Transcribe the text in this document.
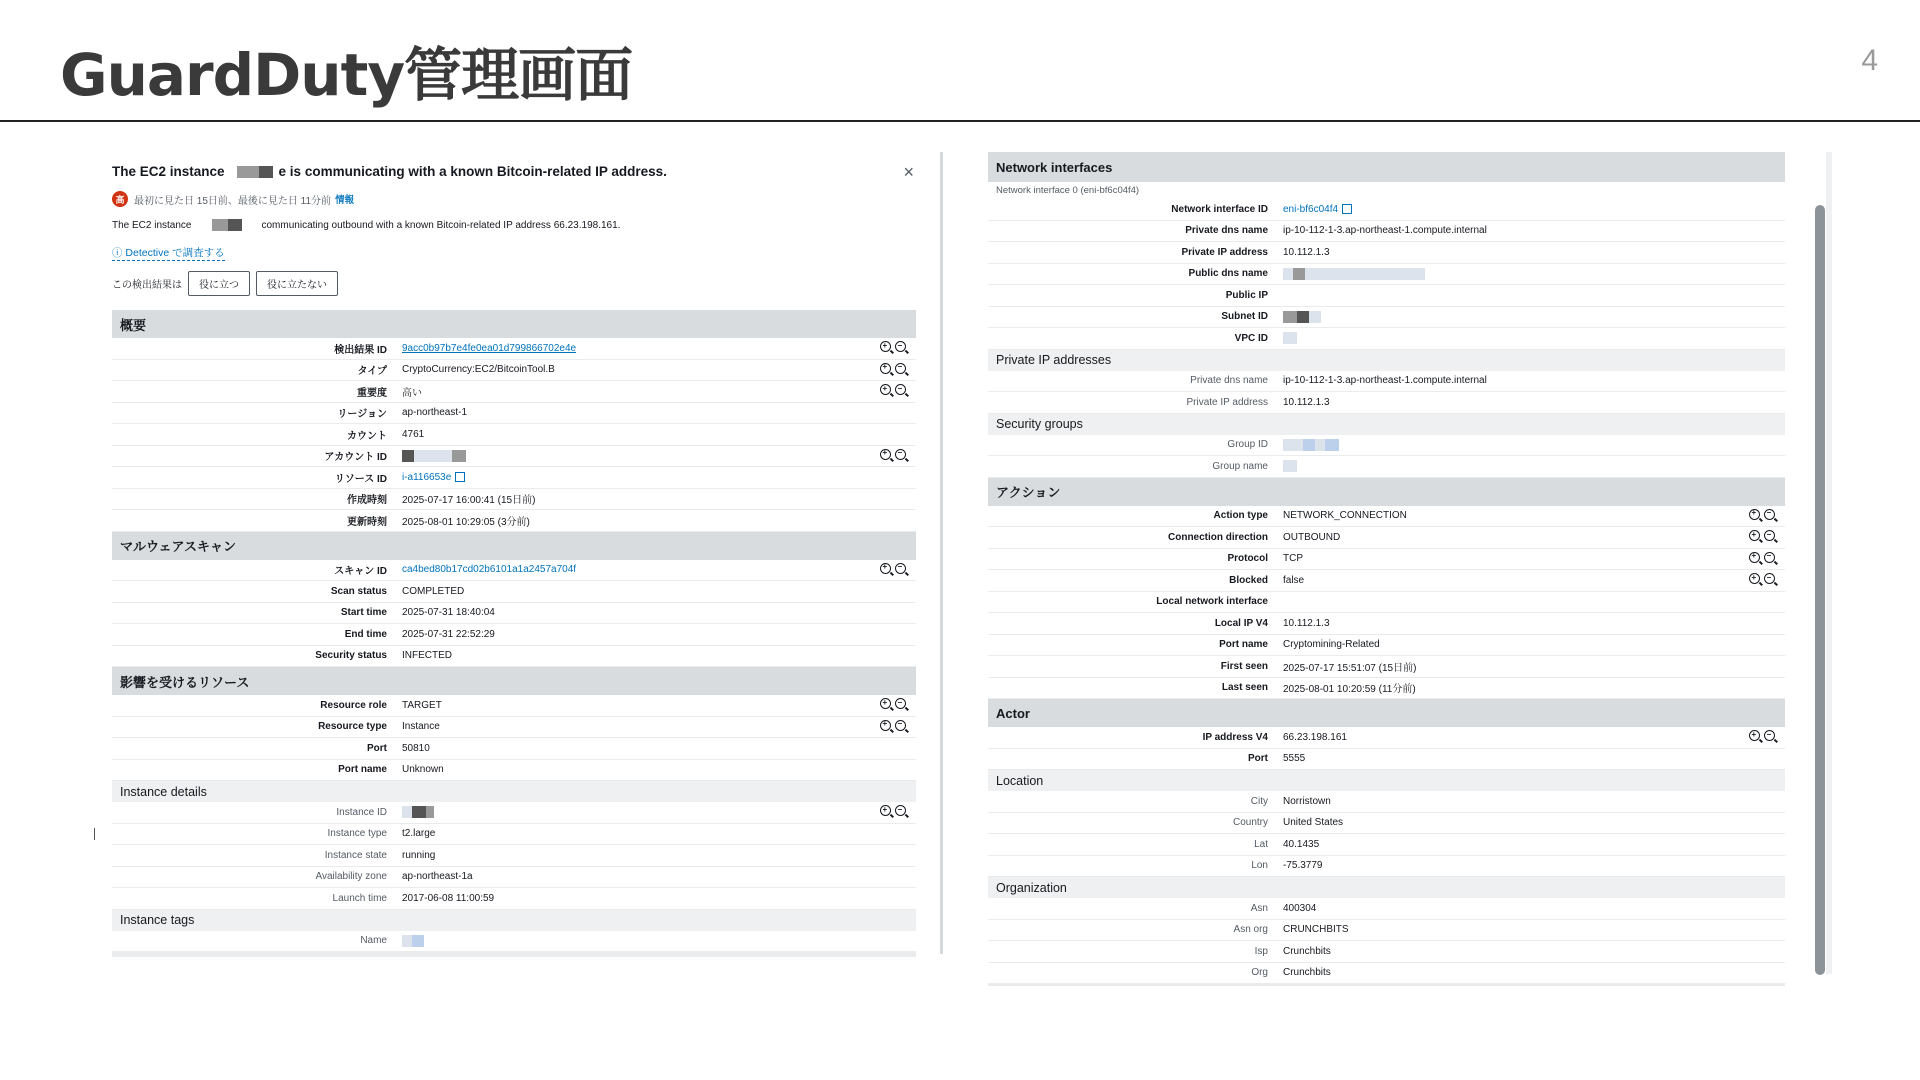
GuardDuty管理画面	4
The EC2 instance	e is communicating with a known Bitcoin-related IP address.	×
高 最初に見た日 15日前、最後に見た日 11分前 情報
The EC2 instance	communicating outbound with a known Bitcoin-related IP address 66.23.198.161.
ⓘ Detective で調査する
この検出結果は	役に立つ	役に立たない
概要
検出結果 ID	9acc0b97b7e4fe0ea01d799866702e4e	+ −
タイプ	CryptoCurrency:EC2/BitcoinTool.B	+ −
重要度	高い	+ −
リージョン	ap-northeast-1
カウント	4761
アカウント ID	+ −
リソース ID	i-a116653e
作成時刻	2025-07-17 16:00:41 (15日前)
更新時刻	2025-08-01 10:29:05 (3分前)
マルウェアスキャン
スキャン ID	ca4bed80b17cd02b6101a1a2457a704f	+ −
Scan status	COMPLETED
Start time	2025-07-31 18:40:04
End time	2025-07-31 22:52:29
Security status	INFECTED
影響を受けるリソース
Resource role	TARGET	+ −
Resource type	Instance	+ −
Port	50810
Port name	Unknown
Instance details
Instance ID	+ −
Instance type	t2.large
Instance state	running
Availability zone	ap-northeast-1a
Launch time	2017-06-08 11:00:59
Instance tags
Name
Network interfaces
Network interface 0 (eni-bf6c04f4)
Network interface ID	eni-bf6c04f4
Private dns name	ip-10-112-1-3.ap-northeast-1.compute.internal
Private IP address	10.112.1.3
Public dns name
Public IP
Subnet ID
VPC ID
Private IP addresses
Private dns name	ip-10-112-1-3.ap-northeast-1.compute.internal
Private IP address	10.112.1.3
Security groups
Group ID
Group name
アクション
Action type	NETWORK_CONNECTION	+ −
Connection direction	OUTBOUND	+ −
Protocol	TCP	+ −
Blocked	false	+ −
Local network interface
Local IP V4	10.112.1.3
Port name	Cryptomining-Related
First seen	2025-07-17 15:51:07 (15日前)
Last seen	2025-08-01 10:20:59 (11分前)
Actor
IP address V4	66.23.198.161	+ −
Port	5555
Location
City	Norristown
Country	United States
Lat	40.1435
Lon	-75.3779
Organization
Asn	400304
Asn org	CRUNCHBITS
Isp	Crunchbits
Org	Crunchbits
